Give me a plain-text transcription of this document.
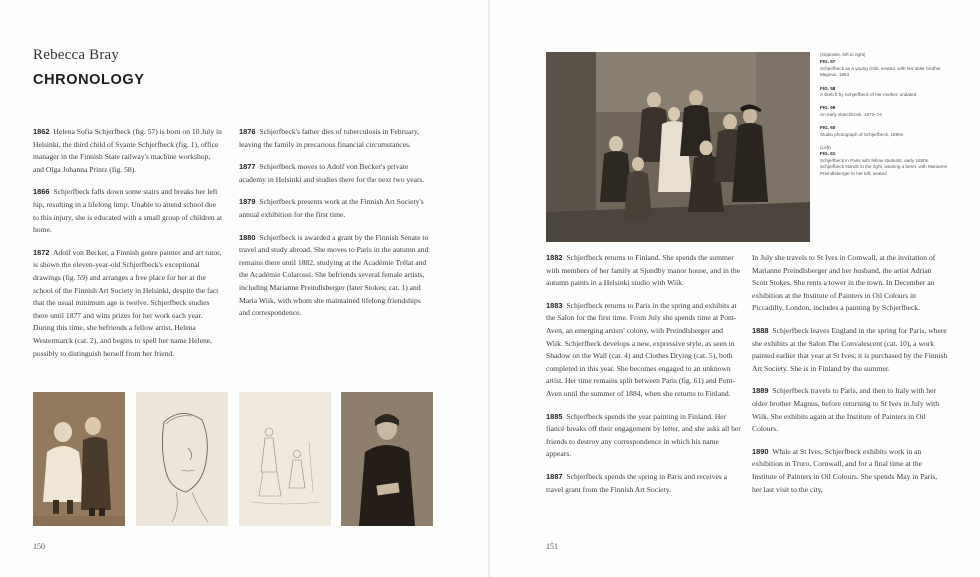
Rebecca Bray
CHRONOLOGY

1862 Helena Sofia Schjerfbeck (fig. 57) is born on 10 July in Helsinki, the third child of Svante Schjerfbeck (fig. 1), office manager in the Finnish State railway's machine workshop, and Olga Johanna Printz (fig. 58).

1866 Schjerfbeck falls down some stairs and breaks her left hip, resulting in a lifelong limp. Unable to attend school due to this injury, she is educated with a small group of children at home.

1872 Adolf von Becker, a Finnish genre painter and art tutor, is shown the eleven-year-old Schjerfbeck's exceptional drawings (fig. 59) and arranges a free place for her at the school of the Finnish Art Society in Helsinki, despite the fact that the usual minimum age is twelve. Schjerfbeck studies there until 1877 and wins prizes for her work each year. During this time, she befriends a fellow artist, Helena Westermarck (cat. 2), and begins to spell her name Helene, possibly to distinguish herself from her friend.

1876 Schjerfbeck's father dies of tuberculosis in February, leaving the family in precarious financial circumstances.

1877 Schjerfbeck moves to Adolf von Becker's private academy in Helsinki and studies there for the next two years.

1879 Schjerfbeck presents work at the Finnish Art Society's annual exhibition for the first time.

1880 Schjerfbeck is awarded a grant by the Finnish Senate to travel and study abroad. She moves to Paris in the autumn and remains there until 1882, studying at the Académie Trélat and the Académie Colarossi. She befriends several female artists, including Marianne Preindlsberger (later Stokes; cat. 1) and Maria Wiik, with whom she maintained lifelong friendships and correspondence.

150
(Opposite, left to right)
FIG. 57
Schjerfbeck as a young child, seated, with her older brother Magnus, 1864
FIG. 58
A sketch by Schjerfbeck of her mother, undated
FIG. 59
An early sketchbook, 1872–74
FIG. 60
Studio photograph of Schjerfbeck, 1890s
(Left)
FIG. 61
Schjerfbeck in Paris with fellow students, early 1880s. Schjerfbeck stands to the right, wearing a beret, with Marianne Preindlsberger to her left, seated

1882 Schjerfbeck returns to Finland. She spends the summer with members of her family at Sjundby manor house, and in the autumn paints in a Helsinki studio with Wiik.

1883 Schjerfbeck returns to Paris in the spring and exhibits at the Salon for the first time. From July she spends time at Pont-Aven, an emerging artists' colony, with Preindlsberger and Wiik. Schjerfbeck develops a new, expressive style, as seen in Shadow on the Wall (cat. 4) and Clothes Drying (cat. 5), both completed in this year. She becomes engaged to an unknown artist. Her time remains split between Paris (fig. 61) and Pont-Aven until the summer of 1884, when she returns to Finland.

1885 Schjerfbeck spends the year painting in Finland. Her fiancé breaks off their engagement by letter, and she asks all her friends to destroy any correspondence in which his name appears.

1887 Schjerfbeck spends the spring in Paris and receives a travel grant from the Finnish Art Society.

In July she travels to St Ives in Cornwall, at the invitation of Marianne Preindlsberger and her husband, the artist Adrian Scott Stokes. She rents a tower in the town. In December an exhibition at the Institute of Painters in Oil Colours in Piccadilly, London, includes a painting by Schjerfbeck.

1888 Schjerfbeck leaves England in the spring for Paris, where she exhibits at the Salon The Convalescent (cat. 10), a work painted earlier that year at St Ives; it is purchased by the Finnish Art Society. She is in Finland by the summer.

1889 Schjerfbeck travels to Paris, and then to Italy with her older brother Magnus, before returning to St Ives in July with Wiik. She exhibits again at the Institute of Painters in Oil Colours.

1890 While at St Ives, Schjerfbeck exhibits work in an exhibition in Truro, Cornwall, and for a final time at the Institute of Painters in Oil Colours. She spends May in Paris, her last visit to the city,

151
